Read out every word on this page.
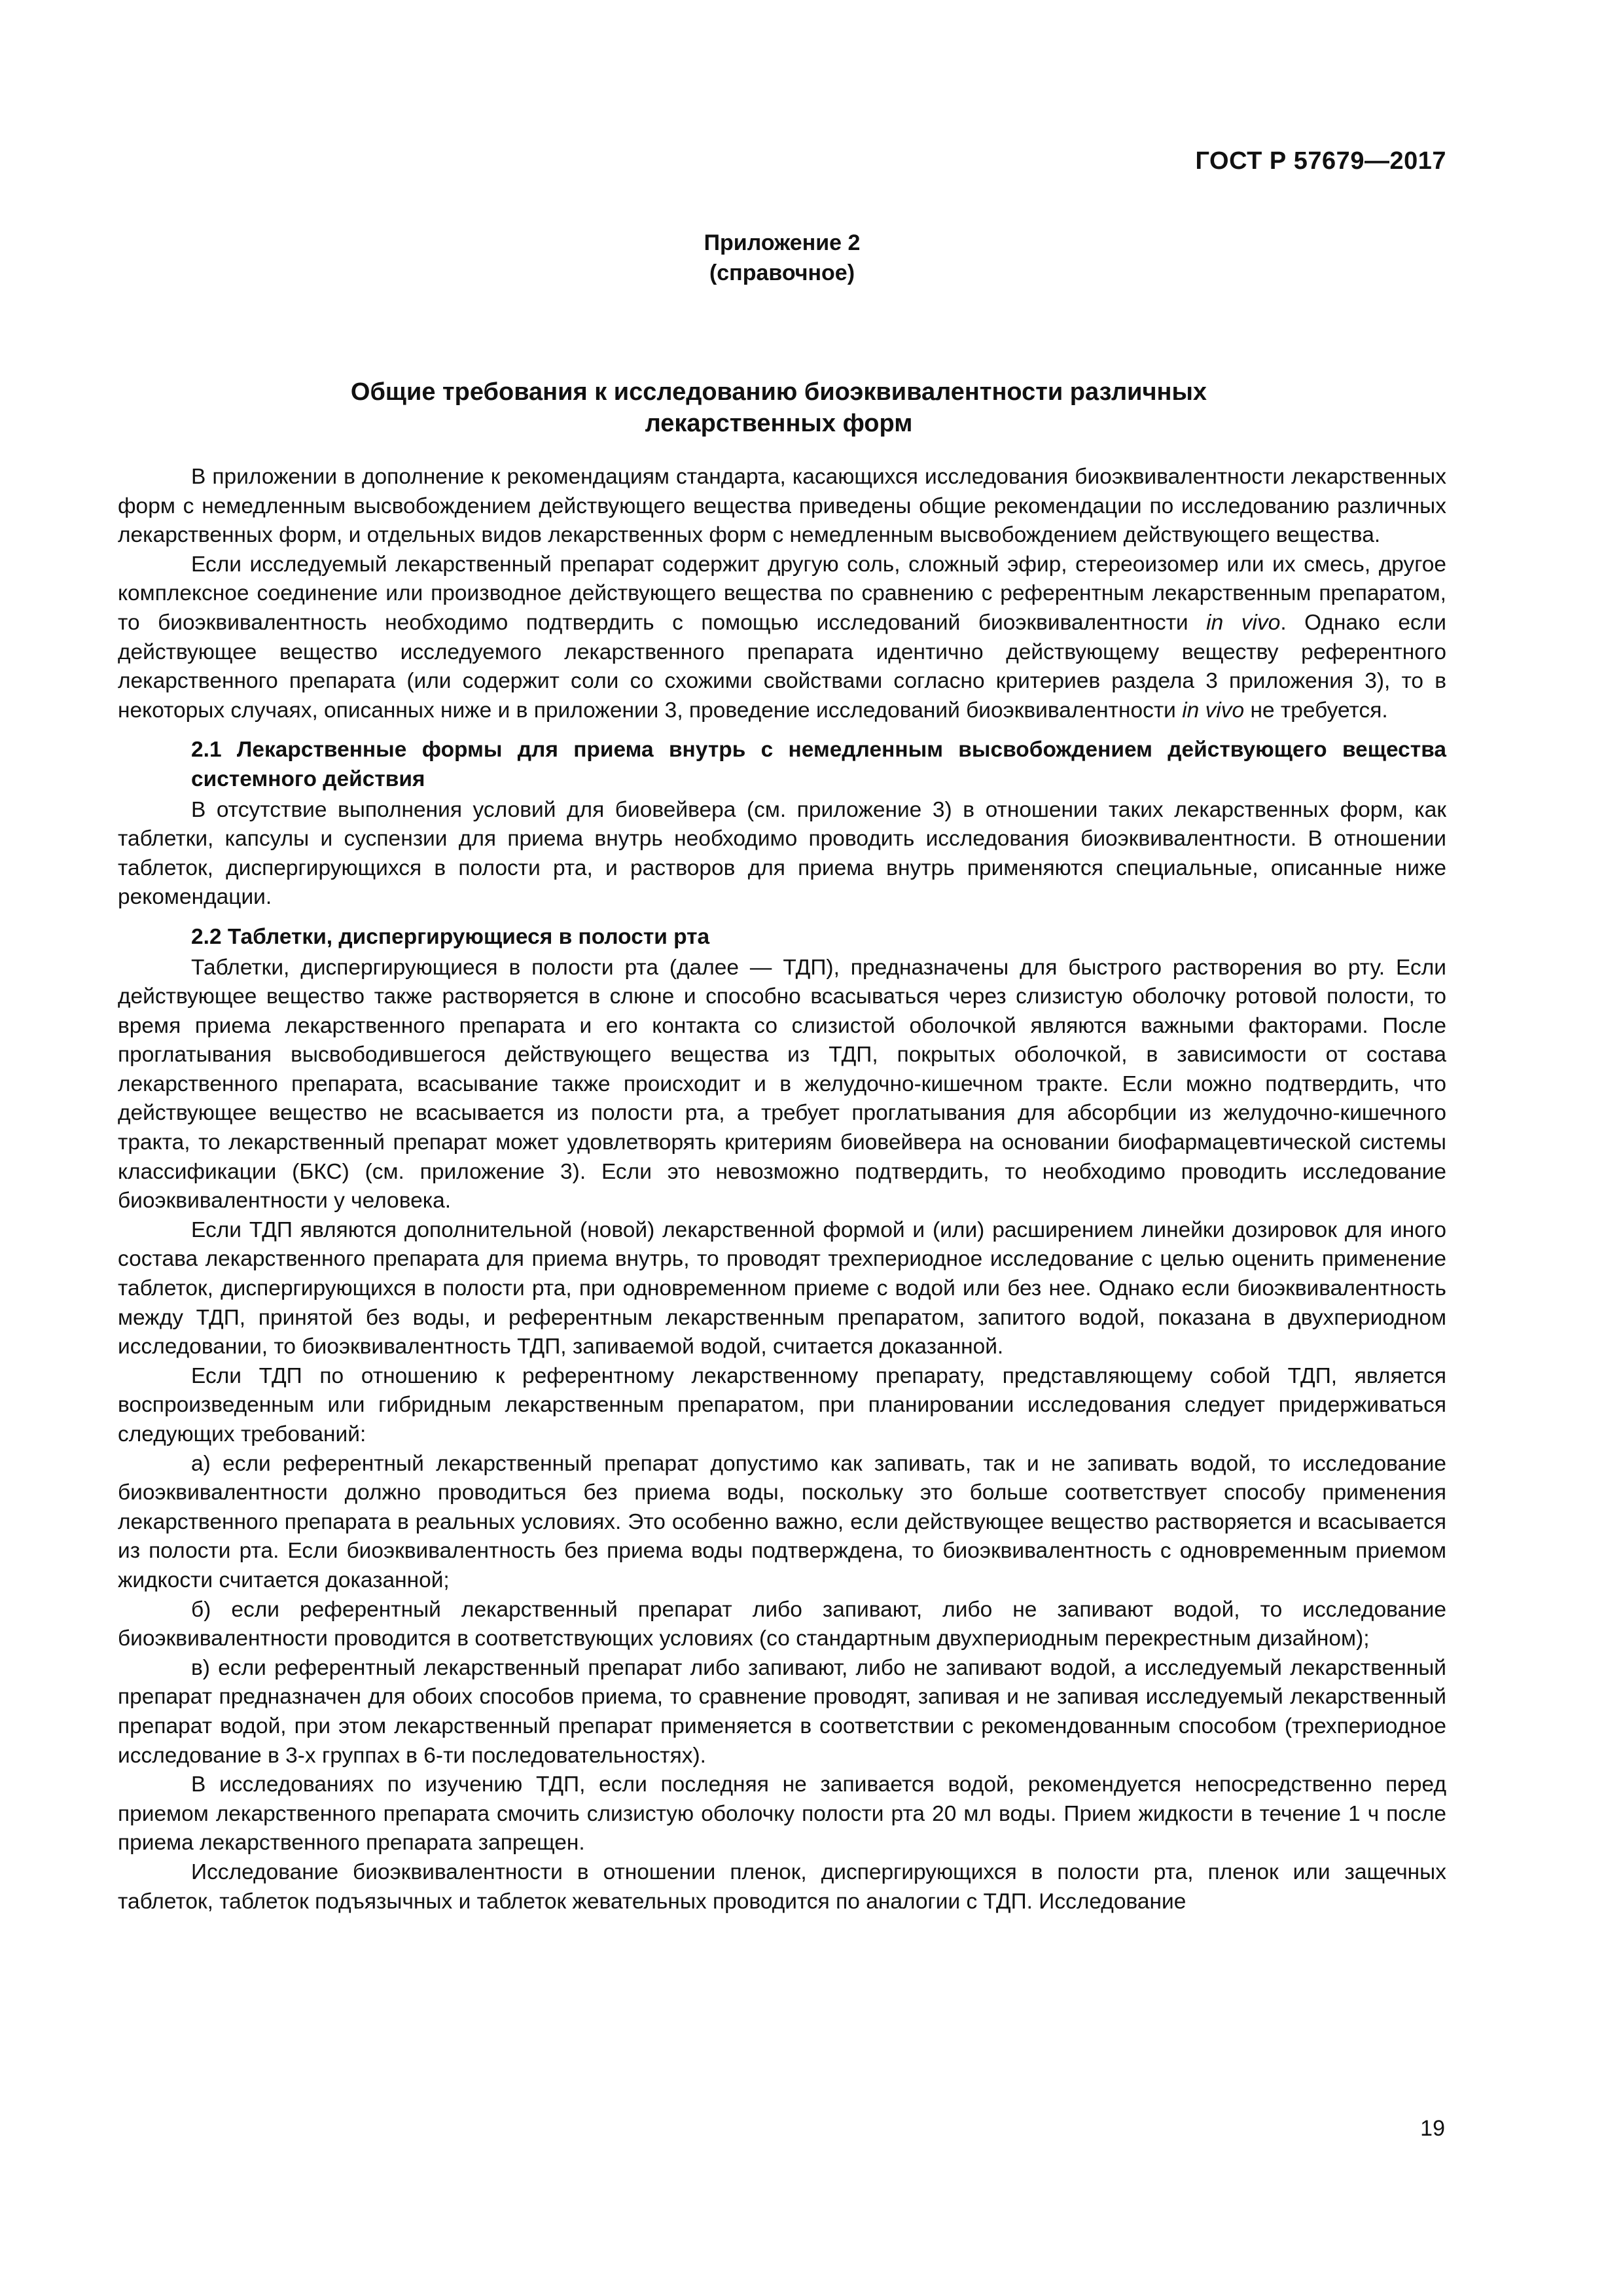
ГОСТ Р 57679—2017
Приложение 2
(справочное)
Общие требования к исследованию биоэквивалентности различных
лекарственных форм

В приложении в дополнение к рекомендациям стандарта, касающихся исследования биоэквивалентности лекарственных форм с немедленным высвобождением действующего вещества приведены общие рекомендации по исследованию различных лекарственных форм, и отдельных видов лекарственных форм с немедленным высвобождением действующего вещества.

Если исследуемый лекарственный препарат содержит другую соль, сложный эфир, стереоизомер или их смесь, другое комплексное соединение или производное действующего вещества по сравнению с референтным лекарственным препаратом, то биоэквивалентность необходимо подтвердить с помощью исследований биоэквивалентности in vivo. Однако если действующее вещество исследуемого лекарственного препарата идентично действующему веществу референтного лекарственного препарата (или содержит соли со схожими свойствами согласно критериев раздела 3 приложения 3), то в некоторых случаях, описанных ниже и в приложении 3, проведение исследований биоэквивалентности in vivo не требуется.

2.1 Лекарственные формы для приема внутрь с немедленным высвобождением действующего вещества системного действия

В отсутствие выполнения условий для биовейвера (см. приложение 3) в отношении таких лекарственных форм, как таблетки, капсулы и суспензии для приема внутрь необходимо проводить исследования биоэквивалентности. В отношении таблеток, диспергирующихся в полости рта, и растворов для приема внутрь применяются специальные, описанные ниже рекомендации.

2.2 Таблетки, диспергирующиеся в полости рта

Таблетки, диспергирующиеся в полости рта (далее — ТДП), предназначены для быстрого растворения во рту. Если действующее вещество также растворяется в слюне и способно всасываться через слизистую оболочку ротовой полости, то время приема лекарственного препарата и его контакта со слизистой оболочкой являются важными факторами. После проглатывания высвободившегося действующего вещества из ТДП, покрытых оболочкой, в зависимости от состава лекарственного препарата, всасывание также происходит и в желудочно-кишечном тракте. Если можно подтвердить, что действующее вещество не всасывается из полости рта, а требует проглатывания для абсорбции из желудочно-кишечного тракта, то лекарственный препарат может удовлетворять критериям биовейвера на основании биофармацевтической системы классификации (БКС) (см. приложение 3). Если это невозможно подтвердить, то необходимо проводить исследование биоэквивалентности у человека.

Если ТДП являются дополнительной (новой) лекарственной формой и (или) расширением линейки дозировок для иного состава лекарственного препарата для приема внутрь, то проводят трехпериодное исследование с целью оценить применение таблеток, диспергирующихся в полости рта, при одновременном приеме с водой или без нее. Однако если биоэквивалентность между ТДП, принятой без воды, и референтным лекарственным препаратом, запитого водой, показана в двухпериодном исследовании, то биоэквивалентность ТДП, запиваемой водой, считается доказанной.

Если ТДП по отношению к референтному лекарственному препарату, представляющему собой ТДП, является воспроизведенным или гибридным лекарственным препаратом, при планировании исследования следует придерживаться следующих требований:

а) если референтный лекарственный препарат допустимо как запивать, так и не запивать водой, то исследование биоэквивалентности должно проводиться без приема воды, поскольку это больше соответствует способу применения лекарственного препарата в реальных условиях. Это особенно важно, если действующее вещество растворяется и всасывается из полости рта. Если биоэквивалентность без приема воды подтверждена, то биоэквивалентность с одновременным приемом жидкости считается доказанной;

б) если референтный лекарственный препарат либо запивают, либо не запивают водой, то исследование биоэквивалентности проводится в соответствующих условиях (со стандартным двухпериодным перекрестным дизайном);

в) если референтный лекарственный препарат либо запивают, либо не запивают водой, а исследуемый лекарственный препарат предназначен для обоих способов приема, то сравнение проводят, запивая и не запивая исследуемый лекарственный препарат водой, при этом лекарственный препарат применяется в соответствии с рекомендованным способом (трехпериодное исследование в 3-х группах в 6-ти последовательностях).

В исследованиях по изучению ТДП, если последняя не запивается водой, рекомендуется непосредственно перед приемом лекарственного препарата смочить слизистую оболочку полости рта 20 мл воды. Прием жидкости в течение 1 ч после приема лекарственного препарата запрещен.

Исследование биоэквивалентности в отношении пленок, диспергирующихся в полости рта, пленок или защечных таблеток, таблеток подъязычных и таблеток жевательных проводится по аналогии с ТДП. Исследование

19
